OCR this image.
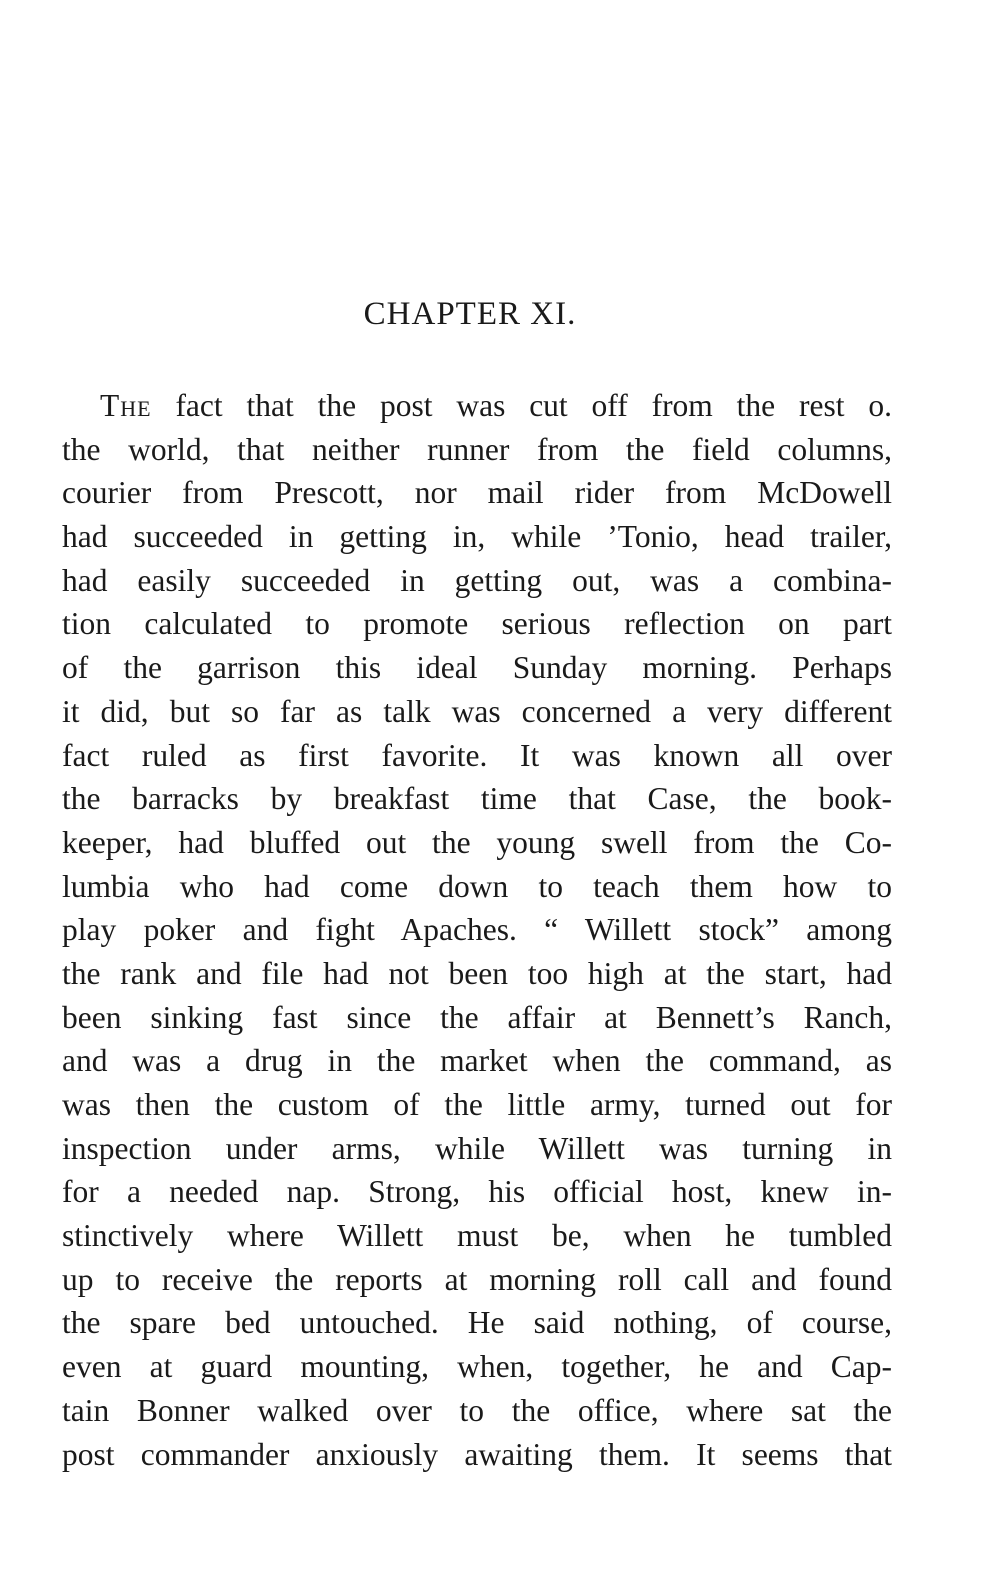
CHAPTER XI.
The fact that the post was cut off from the rest o.
the world, that neither runner from the field columns,
courier from Prescott, nor mail rider from McDowell
had succeeded in getting in, while ’Tonio, head trailer,
had easily succeeded in getting out, was a combina-
tion calculated to promote serious reflection on part
of the garrison this ideal Sunday morning. Perhaps
it did, but so far as talk was concerned a very different
fact ruled as first favorite. It was known all over
the barracks by breakfast time that Case, the book-
keeper, had bluffed out the young swell from the Co-
lumbia who had come down to teach them how to
play poker and fight Apaches. “ Willett stock” among
the rank and file had not been too high at the start, had
been sinking fast since the affair at Bennett’s Ranch,
and was a drug in the market when the command, as
was then the custom of the little army, turned out for
inspection under arms, while Willett was turning in
for a needed nap. Strong, his official host, knew in-
stinctively where Willett must be, when he tumbled
up to receive the reports at morning roll call and found
the spare bed untouched. He said nothing, of course,
even at guard mounting, when, together, he and Cap-
tain Bonner walked over to the office, where sat the
post commander anxiously awaiting them. It seems that
